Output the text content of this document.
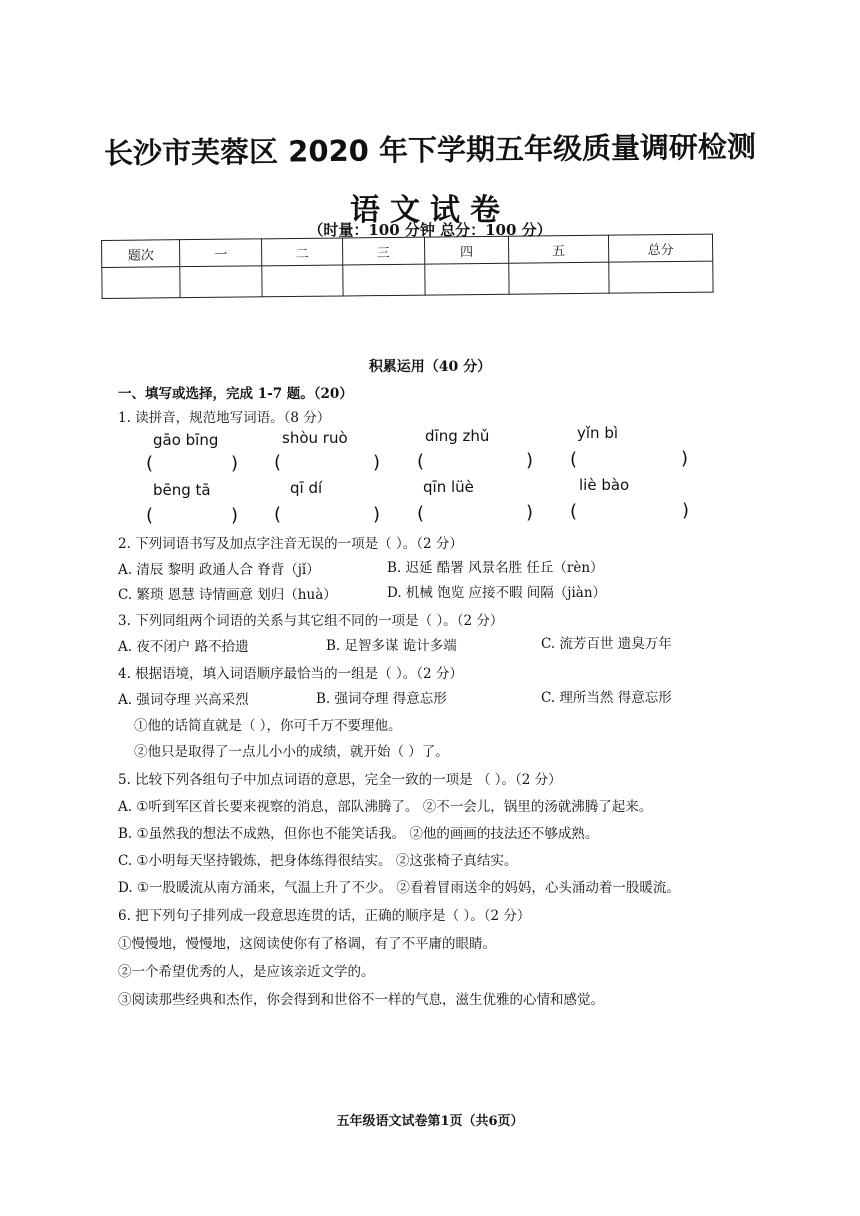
长沙市芙蓉区 2020 年下学期五年级质量调研检测
语文试卷
（时量：100 分钟 总分：100 分）
题次	一	二	三	四	五	总分

积累运用（40 分）
一、填写或选择，完成 1-7 题。（20）
1. 读拼音，规范地写词语。（8 分）
gāo bīng	shòu ruò	dīng zhǔ	yǐn bì
(	) (	) (	) (	)
bēng tā	qī dí	qīn lüè	liè bào
(	) (	) (	) (	)
2. 下列词语书写及加点字注音无误的一项是（ ）。（2 分）
A. 清辰 黎明 政通人合 脊背（jǐ）	B. 迟延 酷署 风景名胜 任丘（rèn）
C. 繁琐 恩慧 诗情画意 划归（huà）	D. 机械 饱览 应接不暇 间隔（jiàn）
3. 下列同组两个词语的关系与其它组不同的一项是（ ）。（2 分）
A. 夜不闭户 路不拾遗	B. 足智多谋 诡计多端	C. 流芳百世 遗臭万年
4. 根据语境，填入词语顺序最恰当的一组是（ ）。（2 分）
A. 强词夺理 兴高采烈	B. 强词夺理 得意忘形	C. 理所当然 得意忘形
①他的话简直就是（ ），你可千万不要理他。
②他只是取得了一点儿小小的成绩，就开始（ ）了。
5. 比较下列各组句子中加点词语的意思，完全一致的一项是 （ ）。（2 分）
A. ①听到军区首长要来视察的消息，部队沸腾了。 ②不一会儿，锅里的汤就沸腾了起来。
B. ①虽然我的想法不成熟，但你也不能笑话我。 ②他的画画的技法还不够成熟。
C. ①小明每天坚持锻炼，把身体练得很结实。 ②这张椅子真结实。
D. ①一股暖流从南方涌来，气温上升了不少。 ②看着冒雨送伞的妈妈，心头涌动着一股暖流。
6. 把下列句子排列成一段意思连贯的话，正确的顺序是（ ）。（2 分）
①慢慢地，慢慢地，这阅读使你有了格调，有了不平庸的眼睛。
②一个希望优秀的人，是应该亲近文学的。
③阅读那些经典和杰作，你会得到和世俗不一样的气息，滋生优雅的心情和感觉。
五年级语文试卷第1页（共6页）
